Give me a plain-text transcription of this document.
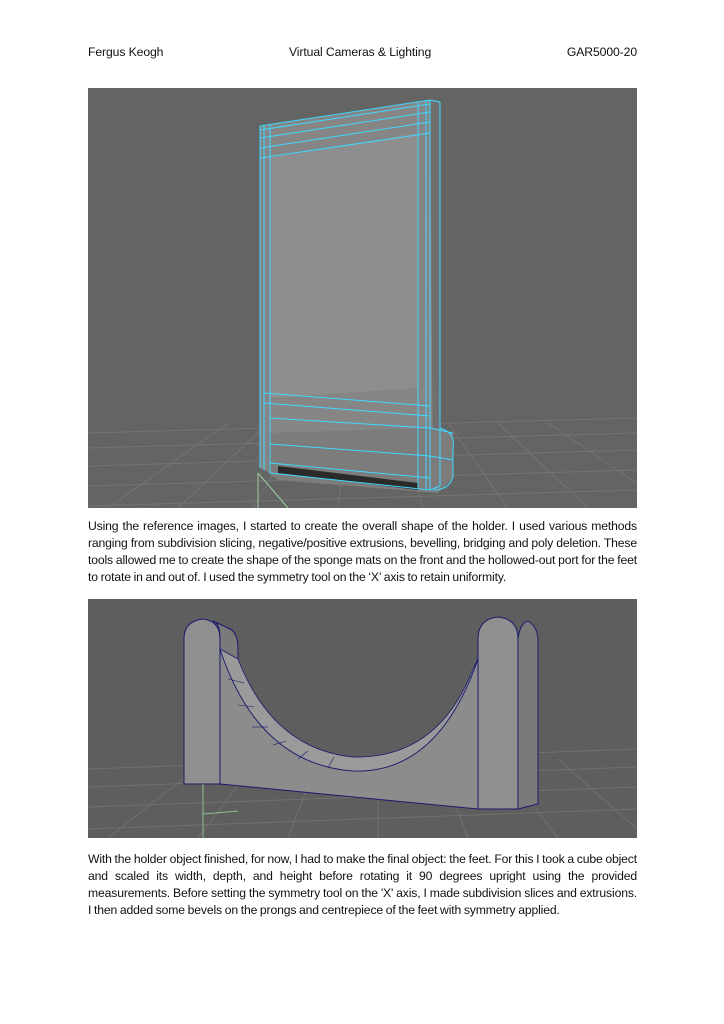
Fergus Keogh	Virtual Cameras & Lighting	GAR5000-20

Using the reference images, I started to create the overall shape of the holder. I used various methods ranging from subdivision slicing, negative/positive extrusions, bevelling, bridging and poly deletion. These tools allowed me to create the shape of the sponge mats on the front and the hollowed-out port for the feet to rotate in and out of. I used the symmetry tool on the ‘X’ axis to retain uniformity.

With the holder object finished, for now, I had to make the final object: the feet. For this I took a cube object and scaled its width, depth, and height before rotating it 90 degrees upright using the provided measurements. Before setting the symmetry tool on the 'X' axis, I made subdivision slices and extrusions. I then added some bevels on the prongs and centrepiece of the feet with symmetry applied.
